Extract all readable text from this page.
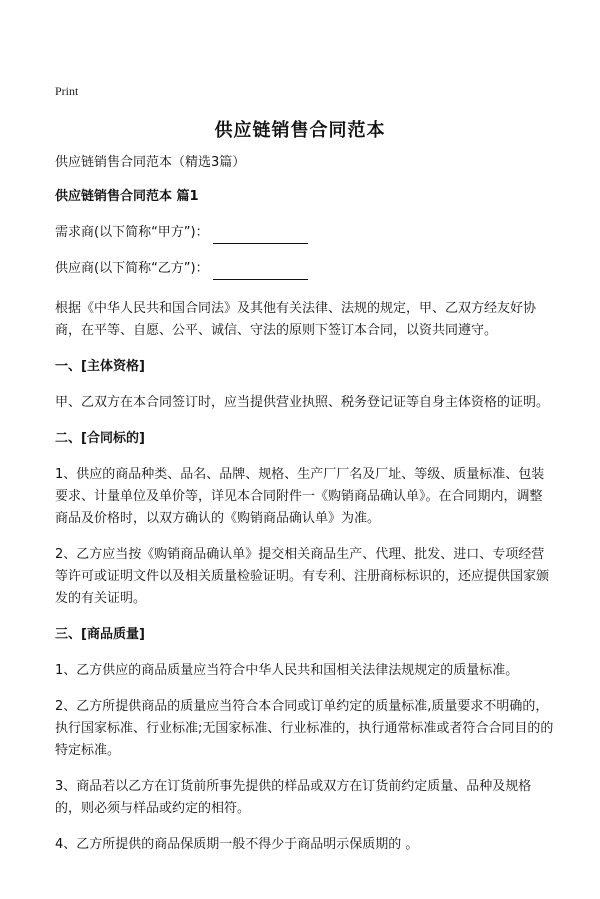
Print
供应链销售合同范本

供应链销售合同范本（精选3篇）

供应链销售合同范本 篇1

需求商(以下简称“甲方”)：
供应商(以下简称“乙方”)：

根据《中华人民共和国合同法》及其他有关法律、法规的规定，甲、乙双方经友好协商，在平等、自愿、公平、诚信、守法的原则下签订本合同，以资共同遵守。

一、[主体资格]

甲、乙双方在本合同签订时，应当提供营业执照、税务登记证等自身主体资格的证明。

二、[合同标的]

1、供应的商品种类、品名、品牌、规格、生产厂厂名及厂址、等级、质量标准、包装要求、计量单位及单价等，详见本合同附件一《购销商品确认单》。在合同期内，调整商品及价格时，以双方确认的《购销商品确认单》为准。

2、乙方应当按《购销商品确认单》提交相关商品生产、代理、批发、进口、专项经营等许可或证明文件以及相关质量检验证明。有专利、注册商标标识的，还应提供国家颁发的有关证明。

三、[商品质量]

1、乙方供应的商品质量应当符合中华人民共和国相关法律法规规定的质量标准。

2、乙方所提供商品的质量应当符合本合同或订单约定的质量标准,质量要求不明确的，执行国家标准、行业标准;无国家标准、行业标准的，执行通常标准或者符合合同目的的特定标准。

3、商品若以乙方在订货前所事先提供的样品或双方在订货前约定质量、品种及规格的，则必须与样品或约定的相符。

4、乙方所提供的商品保质期一般不得少于商品明示保质期的 。
